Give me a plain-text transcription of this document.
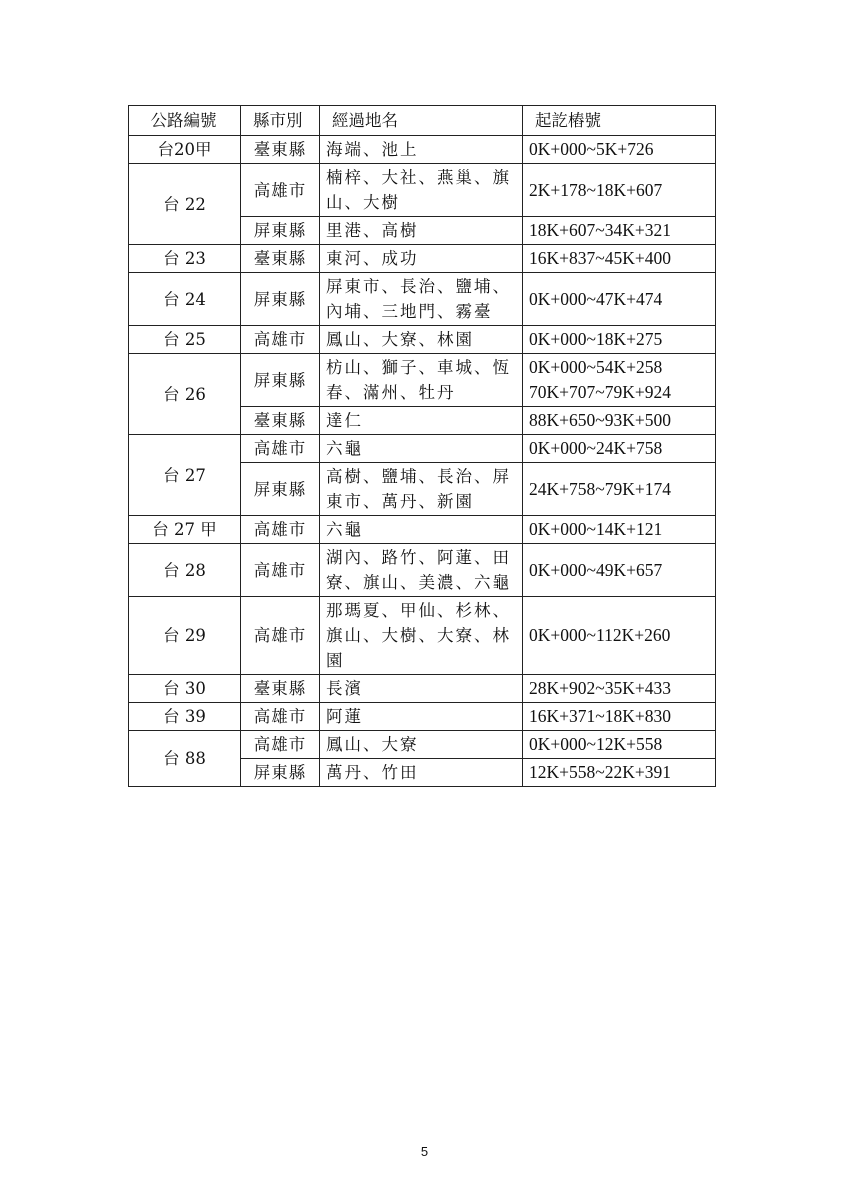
公路編號	縣市別	經過地名	起訖樁號
台20甲	臺東縣	海端、池上	0K+000~5K+726

台 22	高雄市	楠梓、大社、燕巢、旗山、大樹	2K+178~18K+607

	屏東縣	里港、高樹	18K+607~34K+321

台 23	臺東縣	東河、成功	16K+837~45K+400

台 24	屏東縣	屏東市、長治、鹽埔、內埔、三地門、霧臺	0K+000~47K+474

台 25	高雄市	鳳山、大寮、林園	0K+000~18K+275

台 26	屏東縣	枋山、獅子、車城、恆春、滿州、牡丹	0K+000~54K+258
70K+707~79K+924

	臺東縣	達仁	88K+650~93K+500

台 27	高雄市	六龜	0K+000~24K+758

	屏東縣	高樹、鹽埔、長治、屏東市、萬丹、新園	24K+758~79K+174

台 27 甲	高雄市	六龜	0K+000~14K+121

台 28	高雄市	湖內、路竹、阿蓮、田寮、旗山、美濃、六龜	0K+000~49K+657

台 29	高雄市	那瑪夏、甲仙、杉林、旗山、大樹、大寮、林園	0K+000~112K+260

台 30	臺東縣	長濱	28K+902~35K+433

台 39	高雄市	阿蓮	16K+371~18K+830

台 88	高雄市	鳳山、大寮	0K+000~12K+558

	屏東縣	萬丹、竹田	12K+558~22K+391
5
